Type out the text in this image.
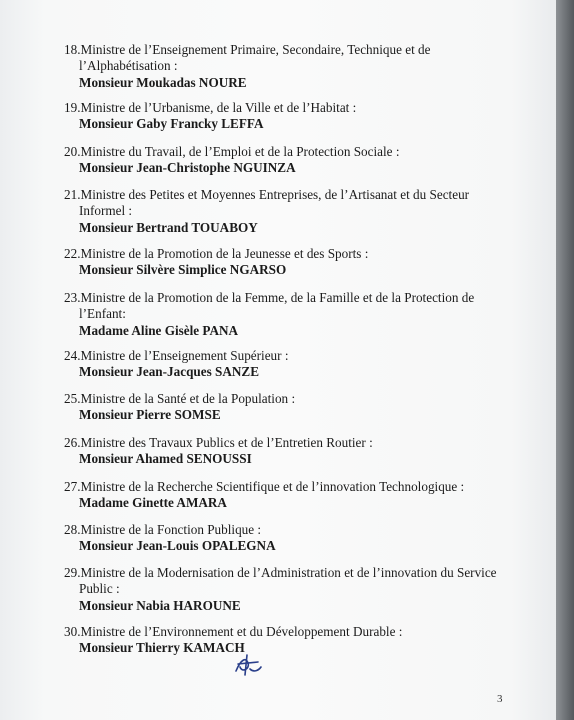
18.Ministre de l’Enseignement Primaire, Secondaire, Technique et de
l’Alphabétisation :
Monsieur Moukadas NOURE
19.Ministre de l’Urbanisme, de la Ville et de l’Habitat :
Monsieur Gaby Francky LEFFA
20.Ministre du Travail, de l’Emploi et de la Protection Sociale :
Monsieur Jean-Christophe NGUINZA
21.Ministre des Petites et Moyennes Entreprises, de l’Artisanat et du Secteur
Informel :
Monsieur Bertrand TOUABOY
22.Ministre de la Promotion de la Jeunesse et des Sports :
Monsieur Silvère Simplice NGARSO
23.Ministre de la Promotion de la Femme, de la Famille et de la Protection de
l’Enfant:
Madame Aline Gisèle PANA
24.Ministre de l’Enseignement Supérieur :
Monsieur Jean-Jacques SANZE
25.Ministre de la Santé et de la Population :
Monsieur Pierre SOMSE
26.Ministre des Travaux Publics et de l’Entretien Routier :
Monsieur Ahamed SENOUSSI
27.Ministre de la Recherche Scientifique et de l’innovation Technologique :
Madame Ginette AMARA
28.Ministre de la Fonction Publique :
Monsieur Jean-Louis OPALEGNA
29.Ministre de la Modernisation de l’Administration et de l’innovation du Service
Public :
Monsieur Nabia HAROUNE
30.Ministre de l’Environnement et du Développement Durable :
Monsieur Thierry KAMACH
3
